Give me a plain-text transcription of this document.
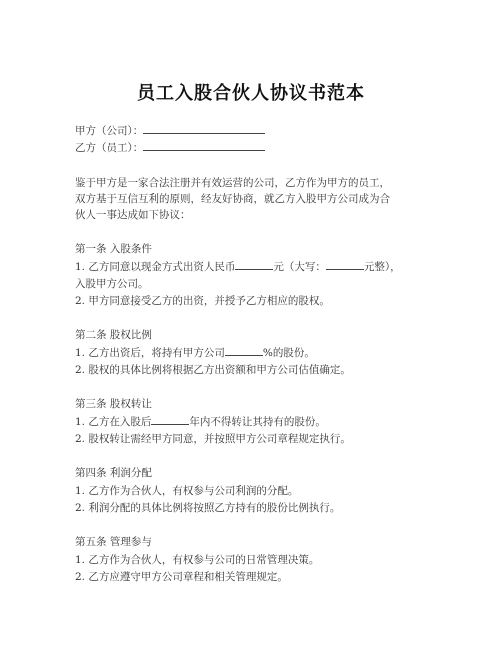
员工入股合伙人协议书范本
甲方（公司）：
乙方（员工）：
鉴于甲方是一家合法注册并有效运营的公司，乙方作为甲方的员工，
双方基于互信互利的原则，经友好协商，就乙方入股甲方公司成为合
伙人一事达成如下协议：
第一条 入股条件
1. 乙方同意以现金方式出资人民币	元（大写：	元整），
入股甲方公司。
2. 甲方同意接受乙方的出资，并授予乙方相应的股权。
第二条 股权比例
1. 乙方出资后，将持有甲方公司	%的股份。
2. 股权的具体比例将根据乙方出资额和甲方公司估值确定。
第三条 股权转让
1. 乙方在入股后	年内不得转让其持有的股份。
2. 股权转让需经甲方同意，并按照甲方公司章程规定执行。
第四条 利润分配
1. 乙方作为合伙人，有权参与公司利润的分配。
2. 利润分配的具体比例将按照乙方持有的股份比例执行。
第五条 管理参与
1. 乙方作为合伙人，有权参与公司的日常管理决策。
2. 乙方应遵守甲方公司章程和相关管理规定。
